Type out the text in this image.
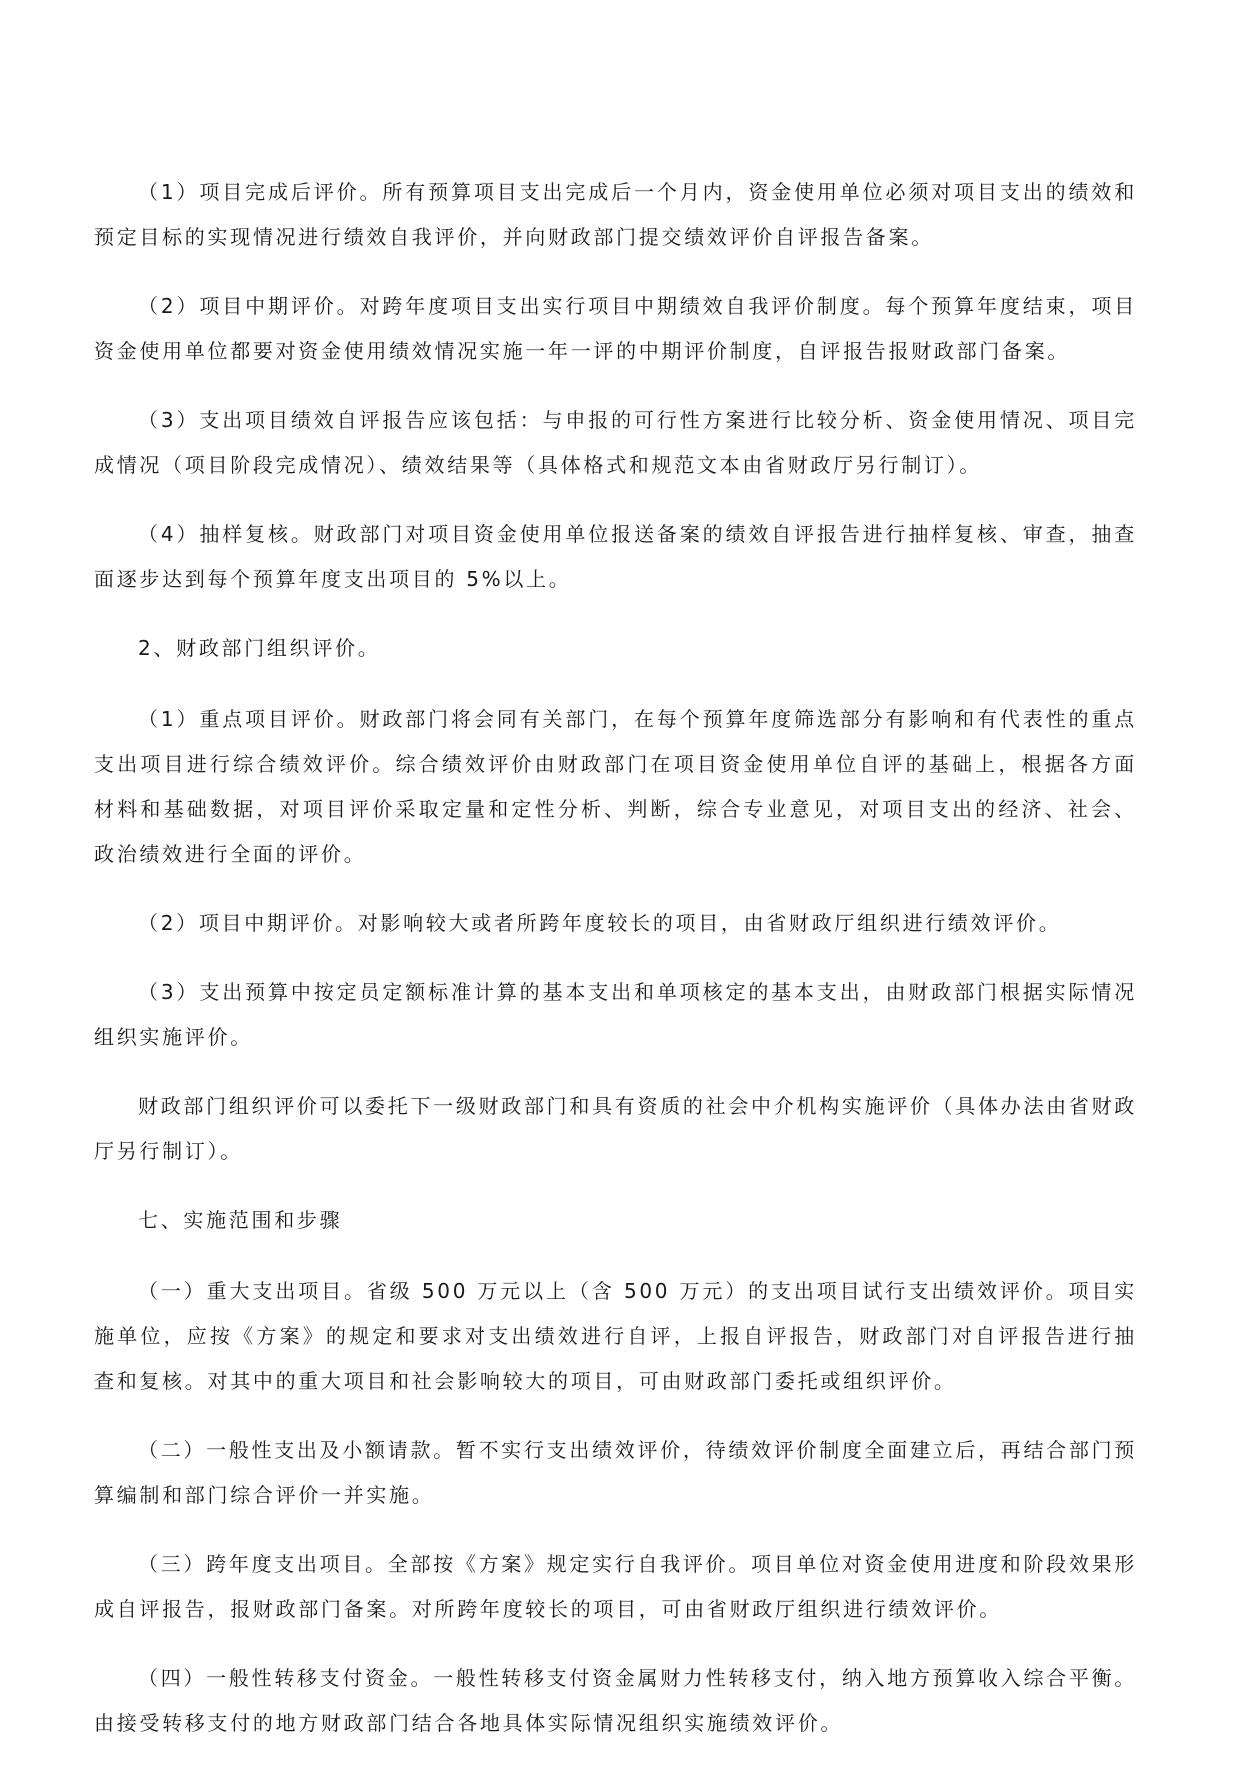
（1）项目完成后评价。所有预算项目支出完成后一个月内，资金使用单位必须对项目支出的绩效和预定目标的实现情况进行绩效自我评价，并向财政部门提交绩效评价自评报告备案。

（2）项目中期评价。对跨年度项目支出实行项目中期绩效自我评价制度。每个预算年度结束，项目资金使用单位都要对资金使用绩效情况实施一年一评的中期评价制度，自评报告报财政部门备案。

（3）支出项目绩效自评报告应该包括：与申报的可行性方案进行比较分析、资金使用情况、项目完成情况（项目阶段完成情况）、绩效结果等（具体格式和规范文本由省财政厅另行制订）。

（4）抽样复核。财政部门对项目资金使用单位报送备案的绩效自评报告进行抽样复核、审查，抽查面逐步达到每个预算年度支出项目的 5%以上。

2、财政部门组织评价。

（1）重点项目评价。财政部门将会同有关部门，在每个预算年度筛选部分有影响和有代表性的重点支出项目进行综合绩效评价。综合绩效评价由财政部门在项目资金使用单位自评的基础上，根据各方面材料和基础数据，对项目评价采取定量和定性分析、判断，综合专业意见，对项目支出的经济、社会、政治绩效进行全面的评价。

（2）项目中期评价。对影响较大或者所跨年度较长的项目，由省财政厅组织进行绩效评价。

（3）支出预算中按定员定额标准计算的基本支出和单项核定的基本支出，由财政部门根据实际情况组织实施评价。

财政部门组织评价可以委托下一级财政部门和具有资质的社会中介机构实施评价（具体办法由省财政厅另行制订）。

七、实施范围和步骤

（一）重大支出项目。省级 500 万元以上（含 500 万元）的支出项目试行支出绩效评价。项目实施单位，应按《方案》的规定和要求对支出绩效进行自评，上报自评报告，财政部门对自评报告进行抽查和复核。对其中的重大项目和社会影响较大的项目，可由财政部门委托或组织评价。

（二）一般性支出及小额请款。暂不实行支出绩效评价，待绩效评价制度全面建立后，再结合部门预算编制和部门综合评价一并实施。

（三）跨年度支出项目。全部按《方案》规定实行自我评价。项目单位对资金使用进度和阶段效果形成自评报告，报财政部门备案。对所跨年度较长的项目，可由省财政厅组织进行绩效评价。

（四）一般性转移支付资金。一般性转移支付资金属财力性转移支付，纳入地方预算收入综合平衡。由接受转移支付的地方财政部门结合各地具体实际情况组织实施绩效评价。
